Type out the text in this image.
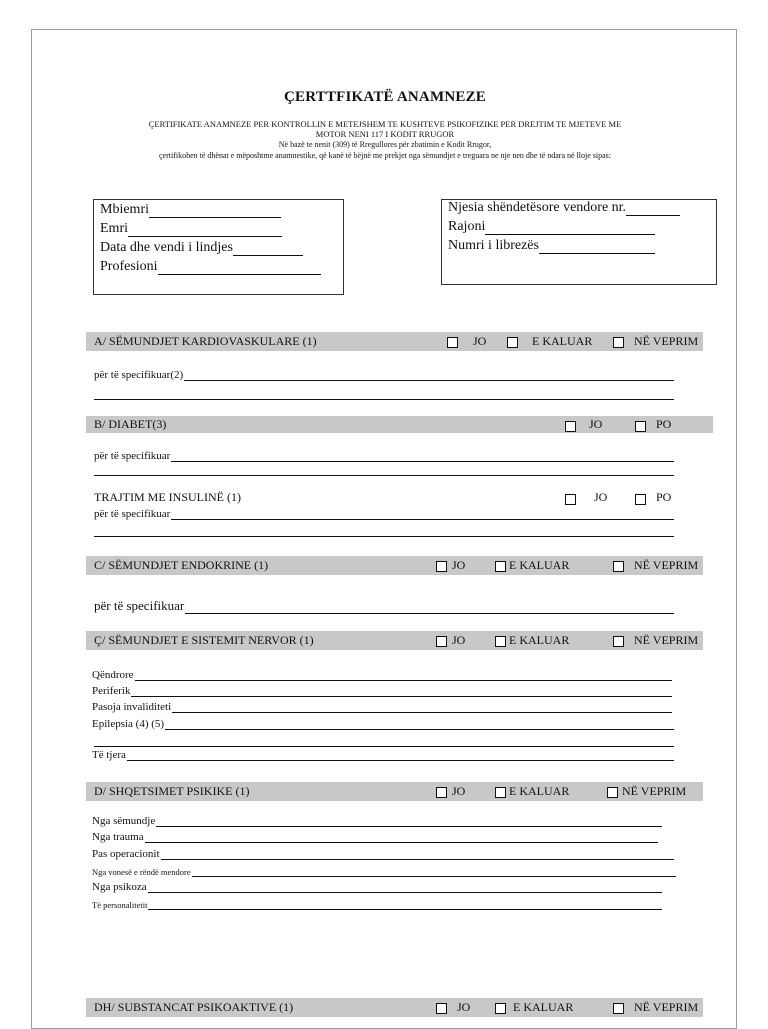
ÇERTTFIKATË ANAMNEZE
ÇERTIFIKATE ANAMNEZE PER KONTROLLIN E METEJSHEM TE KUSHTEVE PSIKOFIZIKE PER DREJTIM TE MJETEVE ME
MOTOR NENI 117 I KODIT RRUGOR
Në bazë te nenit (309) të Rregullores për zbatimin e Kodit Rrugor,
çertifikohen të dhënat e mëposhtme anamnestike, që kanë të bëjnë me prekjet nga sëmundjet e treguara ne nje nen dhe të ndara në lloje sipas:
Mbiemri
Emri
Data dhe vendi i lindjes
Profesioni
Njesia shëndetësore vendore nr.
Rajoni
Numri i librezës
A/ SËMUNDJET KARDIOVASKULARE (1)	JO	E KALUAR	NË VEPRIM
për të specifikuar(2)
B/ DIABET(3)	JO	PO
për të specifikuar
TRAJTIM ME INSULINË (1)	JO	PO
për të specifikuar
C/ SËMUNDJET ENDOKRINE (1)	JO	E KALUAR	NË VEPRIM
për të specifikuar
Ç/ SËMUNDJET E SISTEMIT NERVOR (1)	JO	E KALUAR	NË VEPRIM
Qëndrore
Periferik
Pasoja invaliditeti
Epilepsia (4) (5)
Të tjera
D/ SHQETSIMET PSIKIKE (1)	JO	E KALUAR	NË VEPRIM
Nga sëmundje
Nga trauma
Pas operacionit
Nga vonesë e rëndë mendore
Nga psikoza
Të personalitetit
DH/ SUBSTANCAT PSIKOAKTIVE (1)	JO	E KALUAR	NË VEPRIM
